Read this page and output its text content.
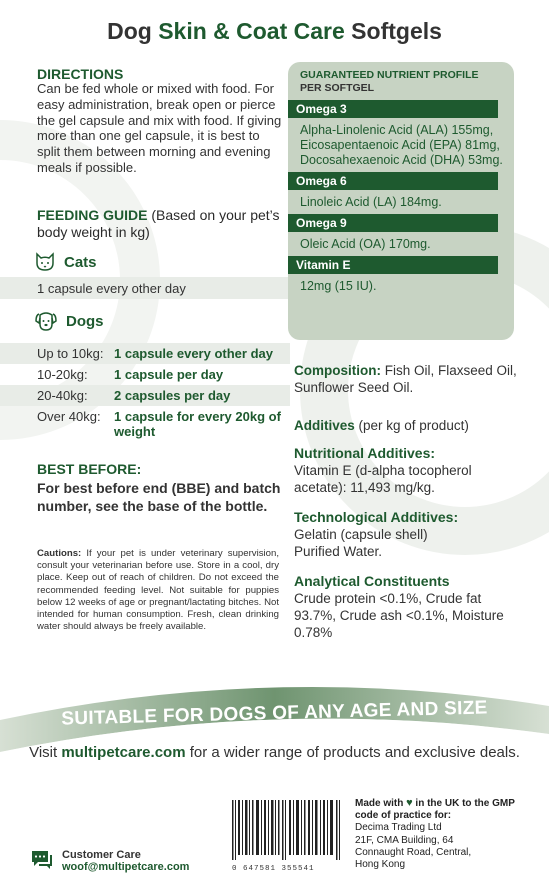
Dog Skin & Coat Care Softgels
DIRECTIONS
Can be fed whole or mixed with food. For easy administration, break open or pierce the gel capsule and mix with food. If giving more than one gel capsule, it is best to split them between morning and evening meals if possible.
FEEDING GUIDE (Based on your pet’s body weight in kg)
Cats
1 capsule every other day
Dogs
Up to 10kg: 1 capsule every other day
10-20kg:	1 capsule per day
20-40kg:	2 capsules per day
Over 40kg:	1 capsule for every 20kg of weight
BEST BEFORE:
For best before end (BBE) and batch number, see the base of the bottle.
Cautions: If your pet is under veterinary supervision, consult your veterinarian before use. Store in a cool, dry place. Keep out of reach of children. Do not exceed the recommended feeding level. Not suitable for puppies below 12 weeks of age or pregnant/lactating bitches. Not intended for human consumption. Fresh, clean drinking water should always be freely available.
GUARANTEED NUTRIENT PROFILE
PER SOFTGEL
Omega 3
Alpha-Linolenic Acid (ALA) 155mg, Eicosapentaenoic Acid (EPA) 81mg, Docosahexaenoic Acid (DHA) 53mg.
Omega 6
Linoleic Acid (LA) 184mg.
Omega 9
Oleic Acid (OA) 170mg.
Vitamin E
12mg (15 IU).
Composition: Fish Oil, Flaxseed Oil, Sunflower Seed Oil.
Additives (per kg of product)
Nutritional Additives:
Vitamin E (d-alpha tocopherol acetate): 11,493 mg/kg.
Technological Additives:
Gelatin (capsule shell)
Purified Water.
Analytical Constituents
Crude protein <0.1%, Crude fat 93.7%, Crude ash <0.1%, Moisture 0.78%
SUITABLE FOR DOGS OF ANY AGE AND SIZE
Visit multipetcare.com for a wider range of products and exclusive deals.
0 647581 355541
Made with ♥ in the UK to the GMP code of practice for:
Decima Trading Ltd
21F, CMA Building, 64
Connaught Road, Central,
Hong Kong
Customer Care
woof@multipetcare.com
